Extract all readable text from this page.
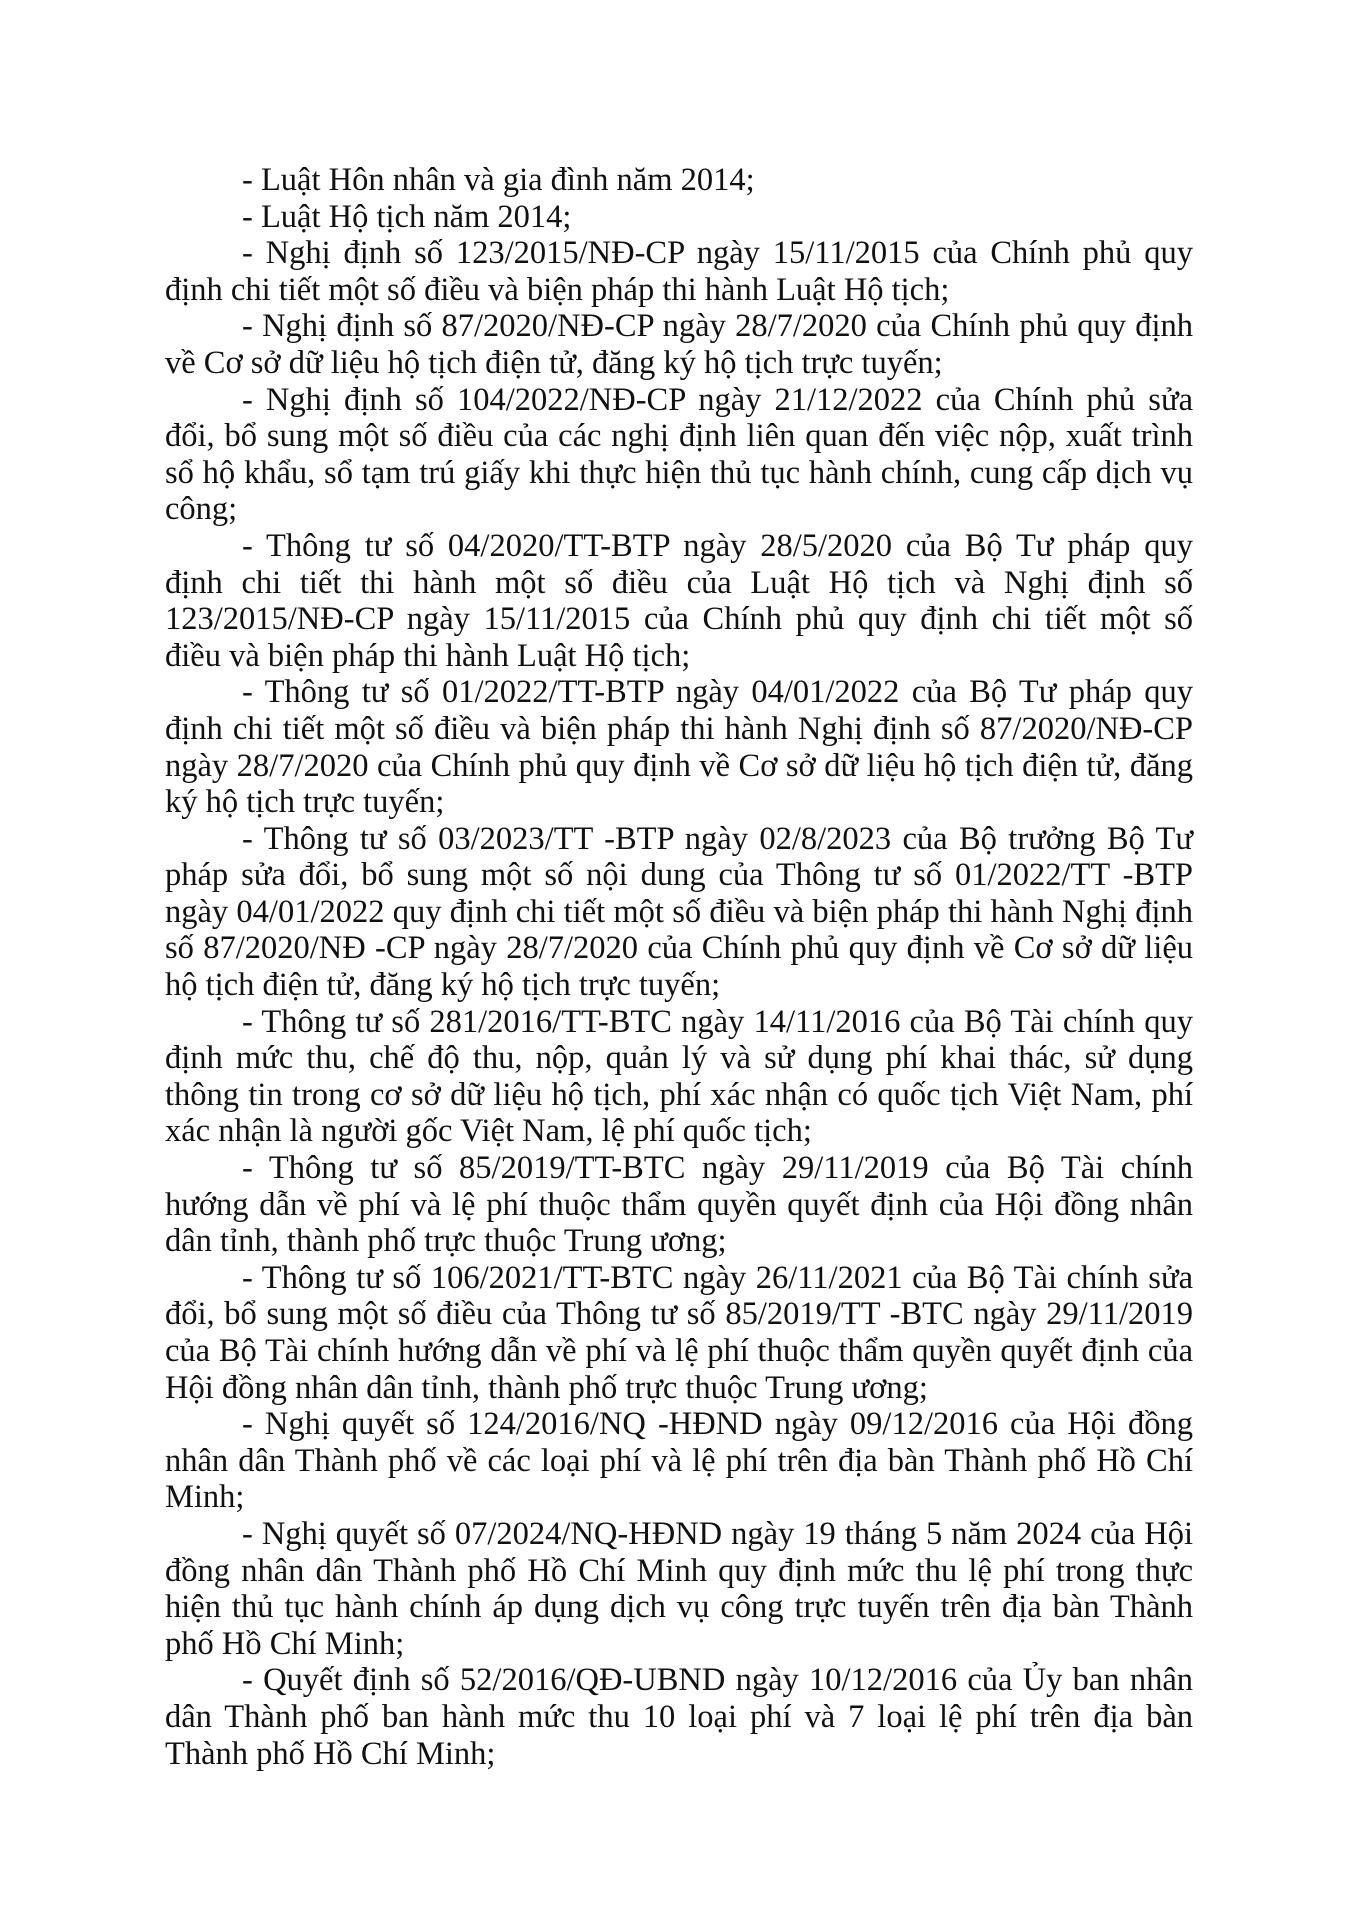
- Luật Hôn nhân và gia đình năm 2014;

- Luật Hộ tịch năm 2014;

- Nghị định số 123/2015/NĐ-CP ngày 15/11/2015 của Chính phủ quy định chi tiết một số điều và biện pháp thi hành Luật Hộ tịch;

- Nghị định số 87/2020/NĐ-CP ngày 28/7/2020 của Chính phủ quy định về Cơ sở dữ liệu hộ tịch điện tử, đăng ký hộ tịch trực tuyến;

- Nghị định số 104/2022/NĐ-CP ngày 21/12/2022 của Chính phủ sửa đổi, bổ sung một số điều của các nghị định liên quan đến việc nộp, xuất trình sổ hộ khẩu, sổ tạm trú giấy khi thực hiện thủ tục hành chính, cung cấp dịch vụ công;

- Thông tư số 04/2020/TT-BTP ngày 28/5/2020 của Bộ Tư pháp quy định chi tiết thi hành một số điều của Luật Hộ tịch và Nghị định số 123/2015/NĐ-CP ngày 15/11/2015 của Chính phủ quy định chi tiết một số điều và biện pháp thi hành Luật Hộ tịch;

- Thông tư số 01/2022/TT-BTP ngày 04/01/2022 của Bộ Tư pháp quy định chi tiết một số điều và biện pháp thi hành Nghị định số 87/2020/NĐ-CP ngày 28/7/2020 của Chính phủ quy định về Cơ sở dữ liệu hộ tịch điện tử, đăng ký hộ tịch trực tuyến;

- Thông tư số 03/2023/TT -BTP ngày 02/8/2023 của Bộ trưởng Bộ Tư pháp sửa đổi, bổ sung một số nội dung của Thông tư số 01/2022/TT -BTP ngày 04/01/2022 quy định chi tiết một số điều và biện pháp thi hành Nghị định số 87/2020/NĐ -CP ngày 28/7/2020 của Chính phủ quy định về Cơ sở dữ liệu hộ tịch điện tử, đăng ký hộ tịch trực tuyến;

- Thông tư số 281/2016/TT-BTC ngày 14/11/2016 của Bộ Tài chính quy định mức thu, chế độ thu, nộp, quản lý và sử dụng phí khai thác, sử dụng thông tin trong cơ sở dữ liệu hộ tịch, phí xác nhận có quốc tịch Việt Nam, phí xác nhận là người gốc Việt Nam, lệ phí quốc tịch;

- Thông tư số 85/2019/TT-BTC ngày 29/11/2019 của Bộ Tài chính hướng dẫn về phí và lệ phí thuộc thẩm quyền quyết định của Hội đồng nhân dân tỉnh, thành phố trực thuộc Trung ương;

- Thông tư số 106/2021/TT-BTC ngày 26/11/2021 của Bộ Tài chính sửa đổi, bổ sung một số điều của Thông tư số 85/2019/TT -BTC ngày 29/11/2019 của Bộ Tài chính hướng dẫn về phí và lệ phí thuộc thẩm quyền quyết định của Hội đồng nhân dân tỉnh, thành phố trực thuộc Trung ương;

- Nghị quyết số 124/2016/NQ -HĐND ngày 09/12/2016 của Hội đồng nhân dân Thành phố về các loại phí và lệ phí trên địa bàn Thành phố Hồ Chí Minh;

- Nghị quyết số 07/2024/NQ-HĐND ngày 19 tháng 5 năm 2024 của Hội đồng nhân dân Thành phố Hồ Chí Minh quy định mức thu lệ phí trong thực hiện thủ tục hành chính áp dụng dịch vụ công trực tuyến trên địa bàn Thành phố Hồ Chí Minh;

- Quyết định số 52/2016/QĐ-UBND ngày 10/12/2016 của Ủy ban nhân dân Thành phố ban hành mức thu 10 loại phí và 7 loại lệ phí trên địa bàn Thành phố Hồ Chí Minh;
